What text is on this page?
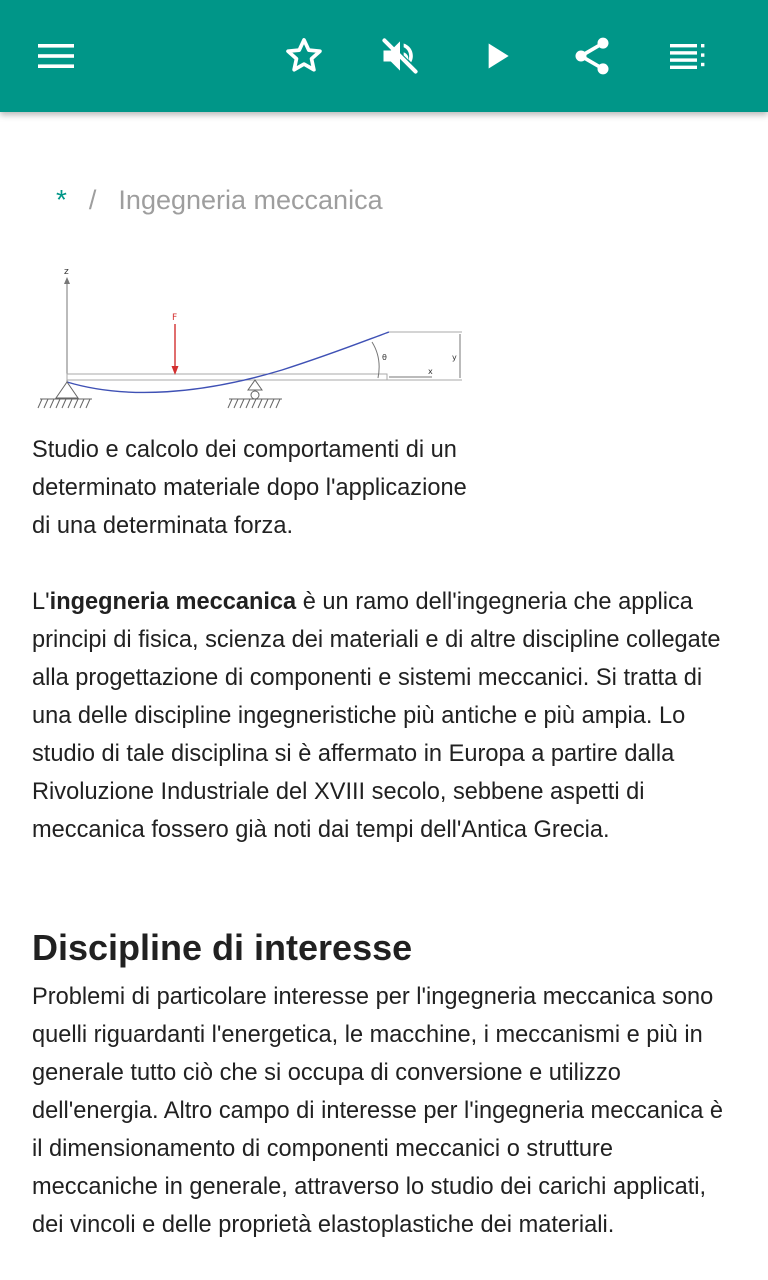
* / Ingegneria meccanica
z
y
x
θ
F

Studio e calcolo dei comportamenti di un determinato materiale dopo l'applicazione di una determinata forza.

L'ingegneria meccanica è un ramo dell'ingegneria che applica principi di fisica, scienza dei materiali e di altre discipline collegate alla progettazione di componenti e sistemi meccanici. Si tratta di una delle discipline ingegneristiche più antiche e più ampia. Lo studio di tale disciplina si è affermato in Europa a partire dalla Rivoluzione Industriale del XVIII secolo, sebbene aspetti di meccanica fossero già noti dai tempi dell'Antica Grecia.

Discipline di interesse

Problemi di particolare interesse per l'ingegneria meccanica sono quelli riguardanti l'energetica, le macchine, i meccanismi e più in generale tutto ciò che si occupa di conversione e utilizzo dell'energia. Altro campo di interesse per l'ingegneria meccanica è il dimensionamento di componenti meccanici o strutture meccaniche in generale, attraverso lo studio dei carichi applicati, dei vincoli e delle proprietà elastoplastiche dei materiali.
